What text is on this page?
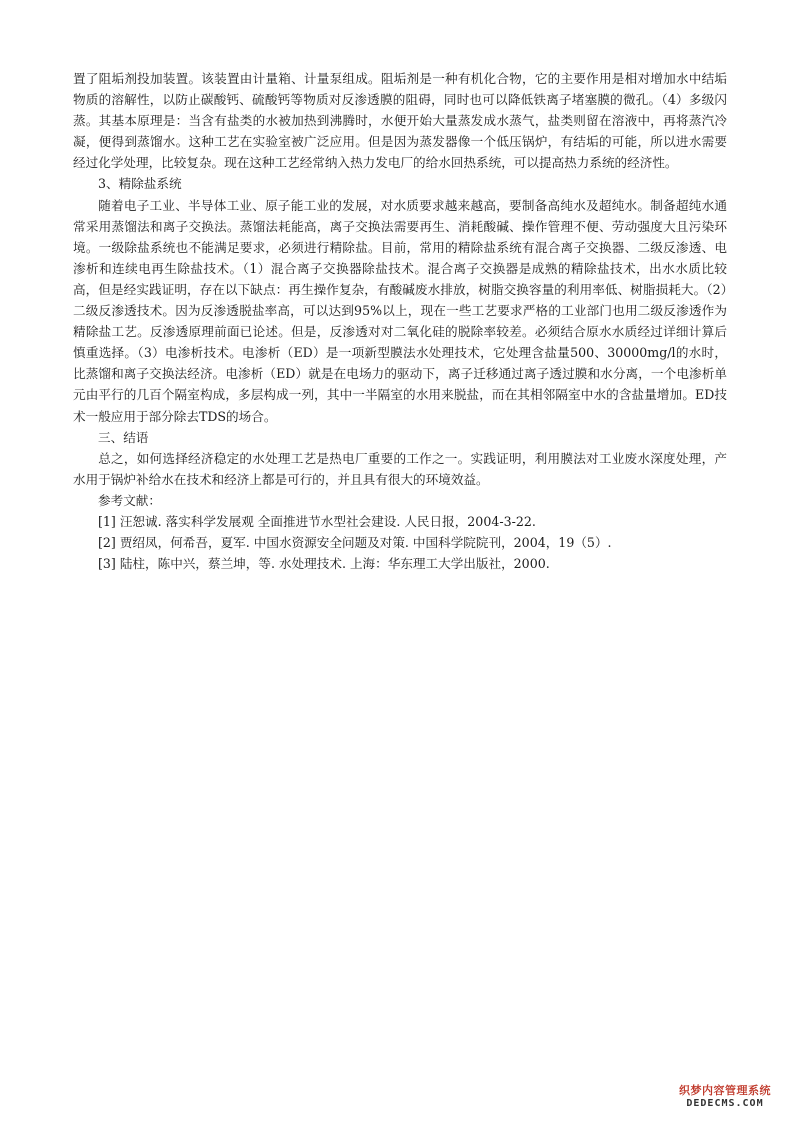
置了阻垢剂投加装置。该装置由计量箱、计量泵组成。阻垢剂是一种有机化合物，它的主要作用是相对增加水中结垢物质的溶解性，以防止碳酸钙、硫酸钙等物质对反渗透膜的阻碍，同时也可以降低铁离子堵塞膜的微孔。（4）多级闪蒸。其基本原理是：当含有盐类的水被加热到沸腾时，水便开始大量蒸发成水蒸气，盐类则留在溶液中，再将蒸汽冷凝，便得到蒸馏水。这种工艺在实验室被广泛应用。但是因为蒸发器像一个低压锅炉，有结垢的可能，所以进水需要经过化学处理，比较复杂。现在这种工艺经常纳入热力发电厂的给水回热系统，可以提高热力系统的经济性。

3、精除盐系统

随着电子工业、半导体工业、原子能工业的发展，对水质要求越来越高，要制备高纯水及超纯水。制备超纯水通常采用蒸馏法和离子交换法。蒸馏法耗能高，离子交换法需要再生、消耗酸碱、操作管理不便、劳动强度大且污染环境。一级除盐系统也不能满足要求，必须进行精除盐。目前，常用的精除盐系统有混合离子交换器、二级反渗透、电渗析和连续电再生除盐技术。（1）混合离子交换器除盐技术。混合离子交换器是成熟的精除盐技术，出水水质比较高，但是经实践证明，存在以下缺点：再生操作复杂，有酸碱废水排放，树脂交换容量的利用率低、树脂损耗大。（2）二级反渗透技术。因为反渗透脱盐率高，可以达到95%以上，现在一些工艺要求严格的工业部门也用二级反渗透作为精除盐工艺。反渗透原理前面已论述。但是，反渗透对对二氧化硅的脱除率较差。必须结合原水水质经过详细计算后慎重选择。（3）电渗析技术。电渗析（ED）是一项新型膜法水处理技术，它处理含盐量500、30000mg/l的水时，比蒸馏和离子交换法经济。电渗析（ED）就是在电场力的驱动下，离子迁移通过离子透过膜和水分离，一个电渗析单元由平行的几百个隔室构成，多层构成一列，其中一半隔室的水用来脱盐，而在其相邻隔室中水的含盐量增加。ED技术一般应用于部分除去TDS的场合。

三、结语

总之，如何选择经济稳定的水处理工艺是热电厂重要的工作之一。实践证明，利用膜法对工业废水深度处理，产水用于锅炉补给水在技术和经济上都是可行的，并且具有很大的环境效益。

参考文献：

[1] 汪恕诚. 落实科学发展观 全面推进节水型社会建设. 人民日报，2004-3-22.

[2] 贾绍凤，何希吾，夏军. 中国水资源安全问题及对策. 中国科学院院刊，2004，19（5）.

[3] 陆柱，陈中兴，蔡兰坤，等. 水处理技术. 上海：华东理工大学出版社，2000.

织梦内容管理系统
DEDECMS.COM
